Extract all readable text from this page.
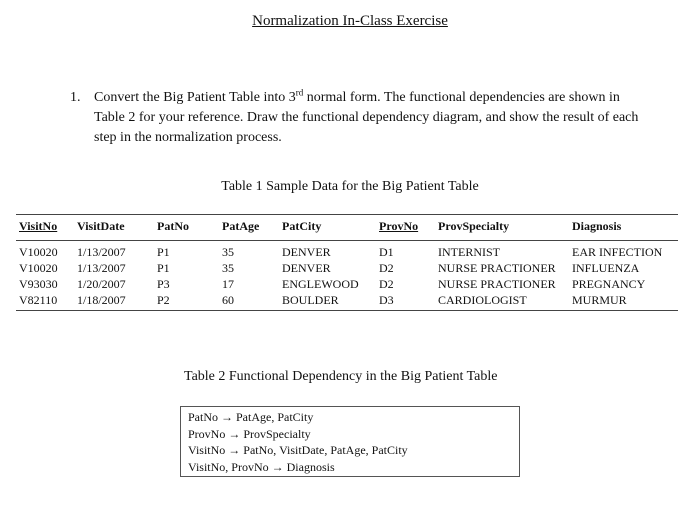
Normalization In-Class Exercise
1. Convert the Big Patient Table into 3rd normal form. The functional dependencies are shown in Table 2 for your reference. Draw the functional dependency diagram, and show the result of each step in the normalization process.
Table 1 Sample Data for the Big Patient Table
VisitNo	VisitDate	PatNo	PatAge	PatCity	ProvNo	ProvSpecialty	Diagnosis
V10020	1/13/2007	P1	35	DENVER	D1	INTERNIST	EAR INFECTION
V10020	1/13/2007	P1	35	DENVER	D2	NURSE PRACTIONER	INFLUENZA
V93030	1/20/2007	P3	17	ENGLEWOOD	D2	NURSE PRACTIONER	PREGNANCY
V82110	1/18/2007	P2	60	BOULDER	D3	CARDIOLOGIST	MURMUR
Table 2 Functional Dependency in the Big Patient Table
PatNo → PatAge, PatCity
ProvNo → ProvSpecialty
VisitNo → PatNo, VisitDate, PatAge, PatCity
VisitNo, ProvNo → Diagnosis
